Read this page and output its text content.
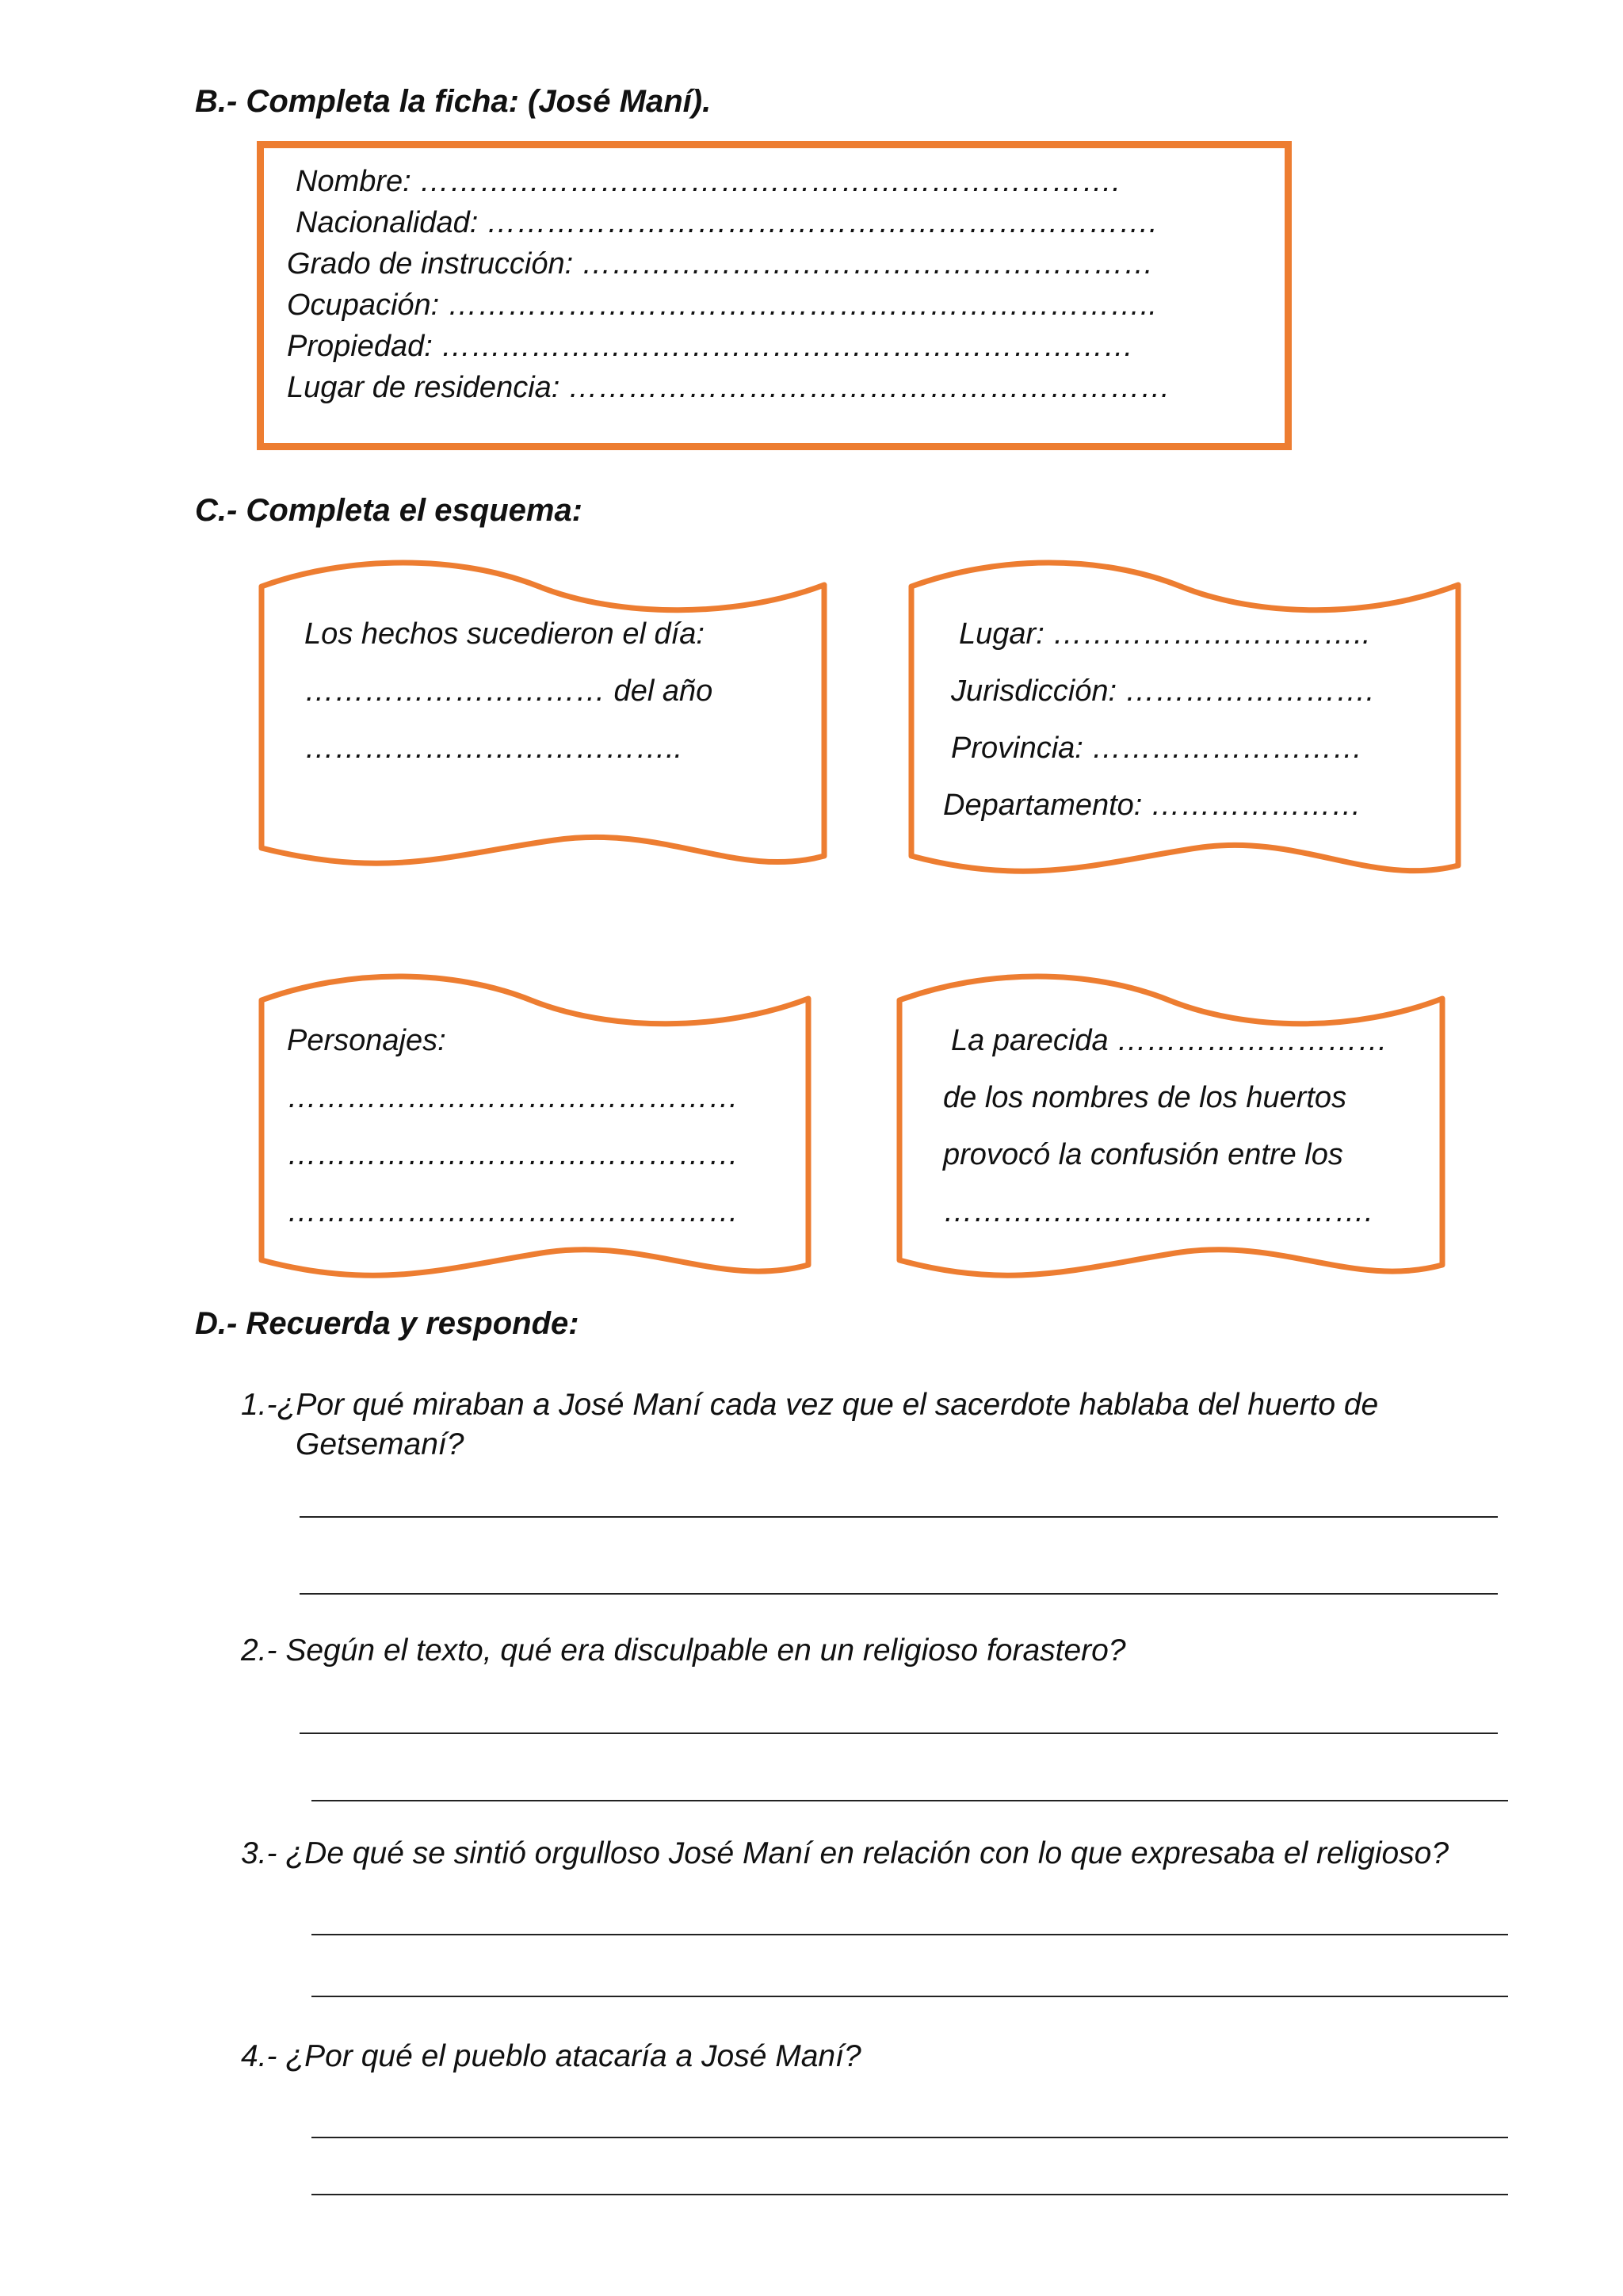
B.- Completa la ficha: (José Maní).
Nombre: …………………………………………………………….
Nacionalidad: ………………………………………………………….
Grado de instrucción: …………………………………………………
Ocupación: ……………………………………………………………..
Propiedad: ……………………………………………………………
Lugar de residencia: ……………………………………………………
C.- Completa el esquema:
Los hechos sucedieron el día:
………………………… del año
………………………………..
Lugar: …………………………..
Jurisdicción: …………………….
Provincia: ………………………
Departamento: …………………
Personajes:
………………………………………
………………………………………
………………………………………
La parecida ………………………
de los nombres de los huertos
provocó la confusión entre los
…………………………………….
D.- Recuerda y responde:
1.-¿Por qué miraban a José Maní cada vez que el sacerdote hablaba del huerto de
Getsemaní?
2.- Según el texto, qué era disculpable en un religioso forastero?
3.- ¿De qué se sintió orgulloso José Maní en relación con lo que expresaba el religioso?
4.- ¿Por qué el pueblo atacaría a José Maní?
